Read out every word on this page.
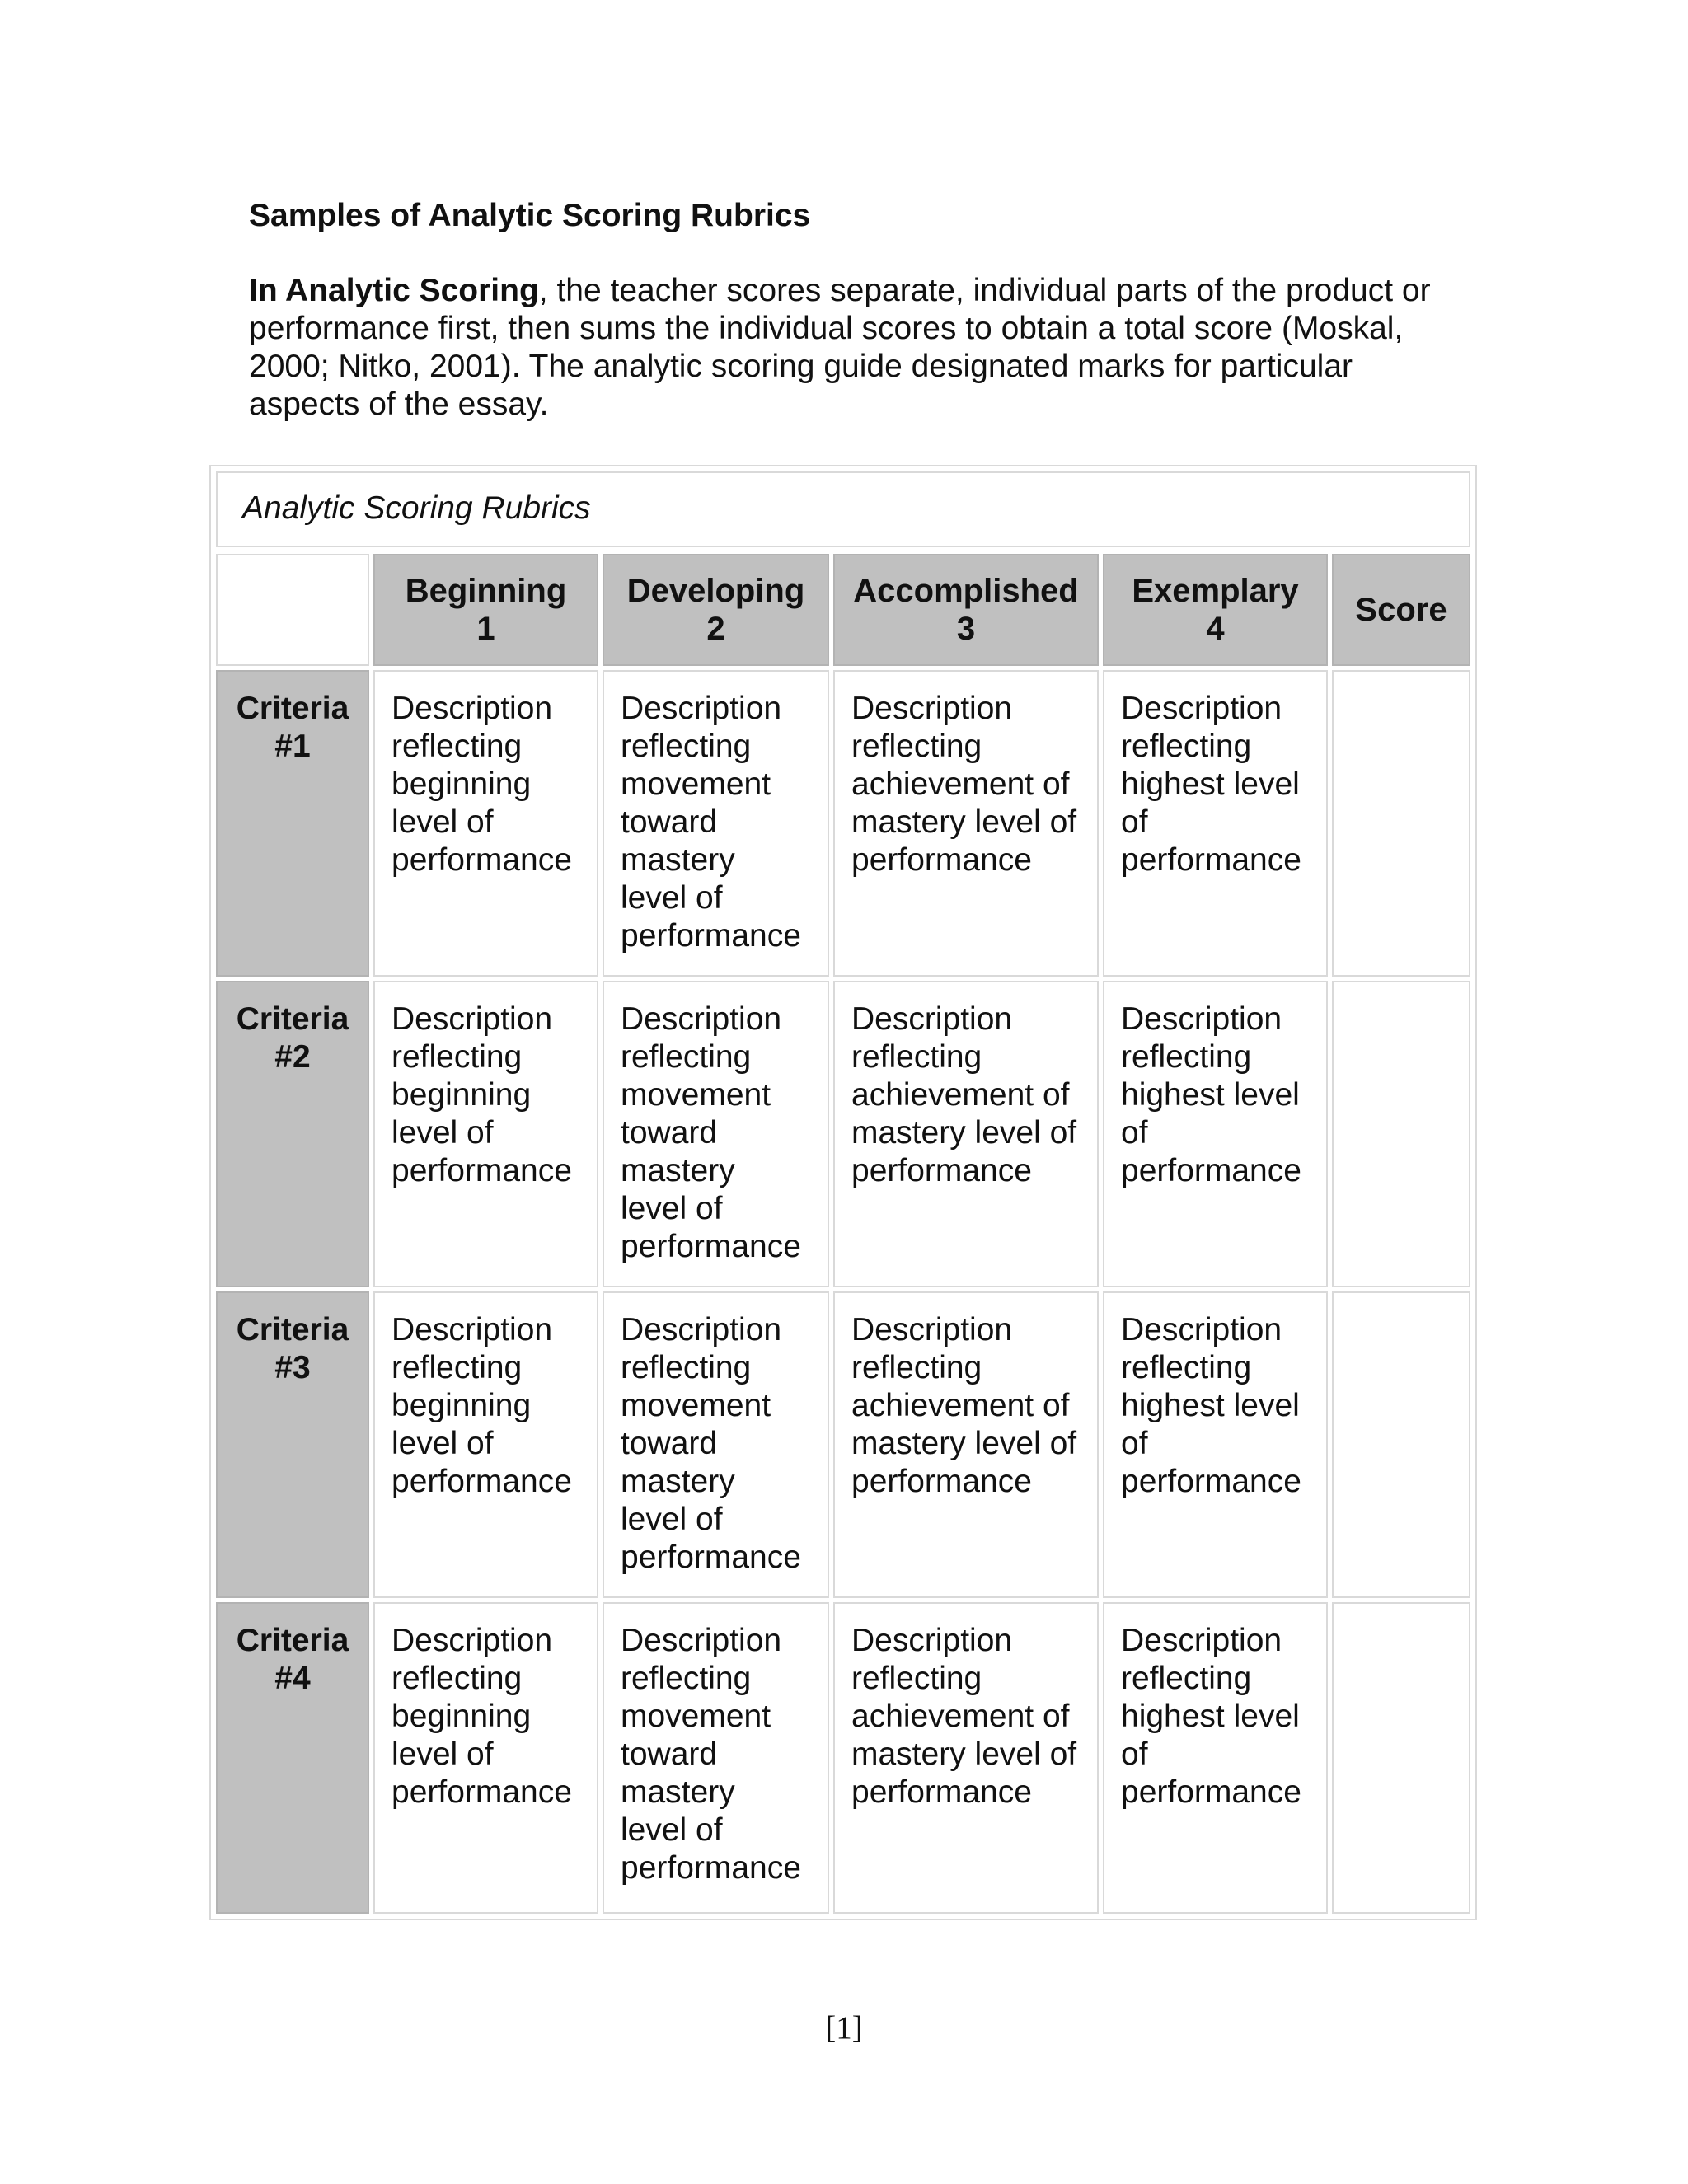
Samples of Analytic Scoring Rubrics
In Analytic Scoring, the teacher scores separate, individual parts of the product or performance first, then sums the individual scores to obtain a total score (Moskal, 2000; Nitko, 2001). The analytic scoring guide designated marks for particular aspects of the essay.
Analytic Scoring Rubrics
Beginning
1
Developing
2
Accomplished
3
Exemplary
4
Score
Criteria
#1
Description
reflecting
beginning
level of
performance
Description
reflecting
movement
toward
mastery
level of
performance
Description
reflecting
achievement of
mastery level of
performance
Description
reflecting
highest level
of
performance
Criteria
#2
Description
reflecting
beginning
level of
performance
Description
reflecting
movement
toward
mastery
level of
performance
Description
reflecting
achievement of
mastery level of
performance
Description
reflecting
highest level
of
performance
Criteria
#3
Description
reflecting
beginning
level of
performance
Description
reflecting
movement
toward
mastery
level of
performance
Description
reflecting
achievement of
mastery level of
performance
Description
reflecting
highest level
of
performance
Criteria
#4
Description
reflecting
beginning
level of
performance
Description
reflecting
movement
toward
mastery
level of
performance
Description
reflecting
achievement of
mastery level of
performance
Description
reflecting
highest level
of
performance
[1]
